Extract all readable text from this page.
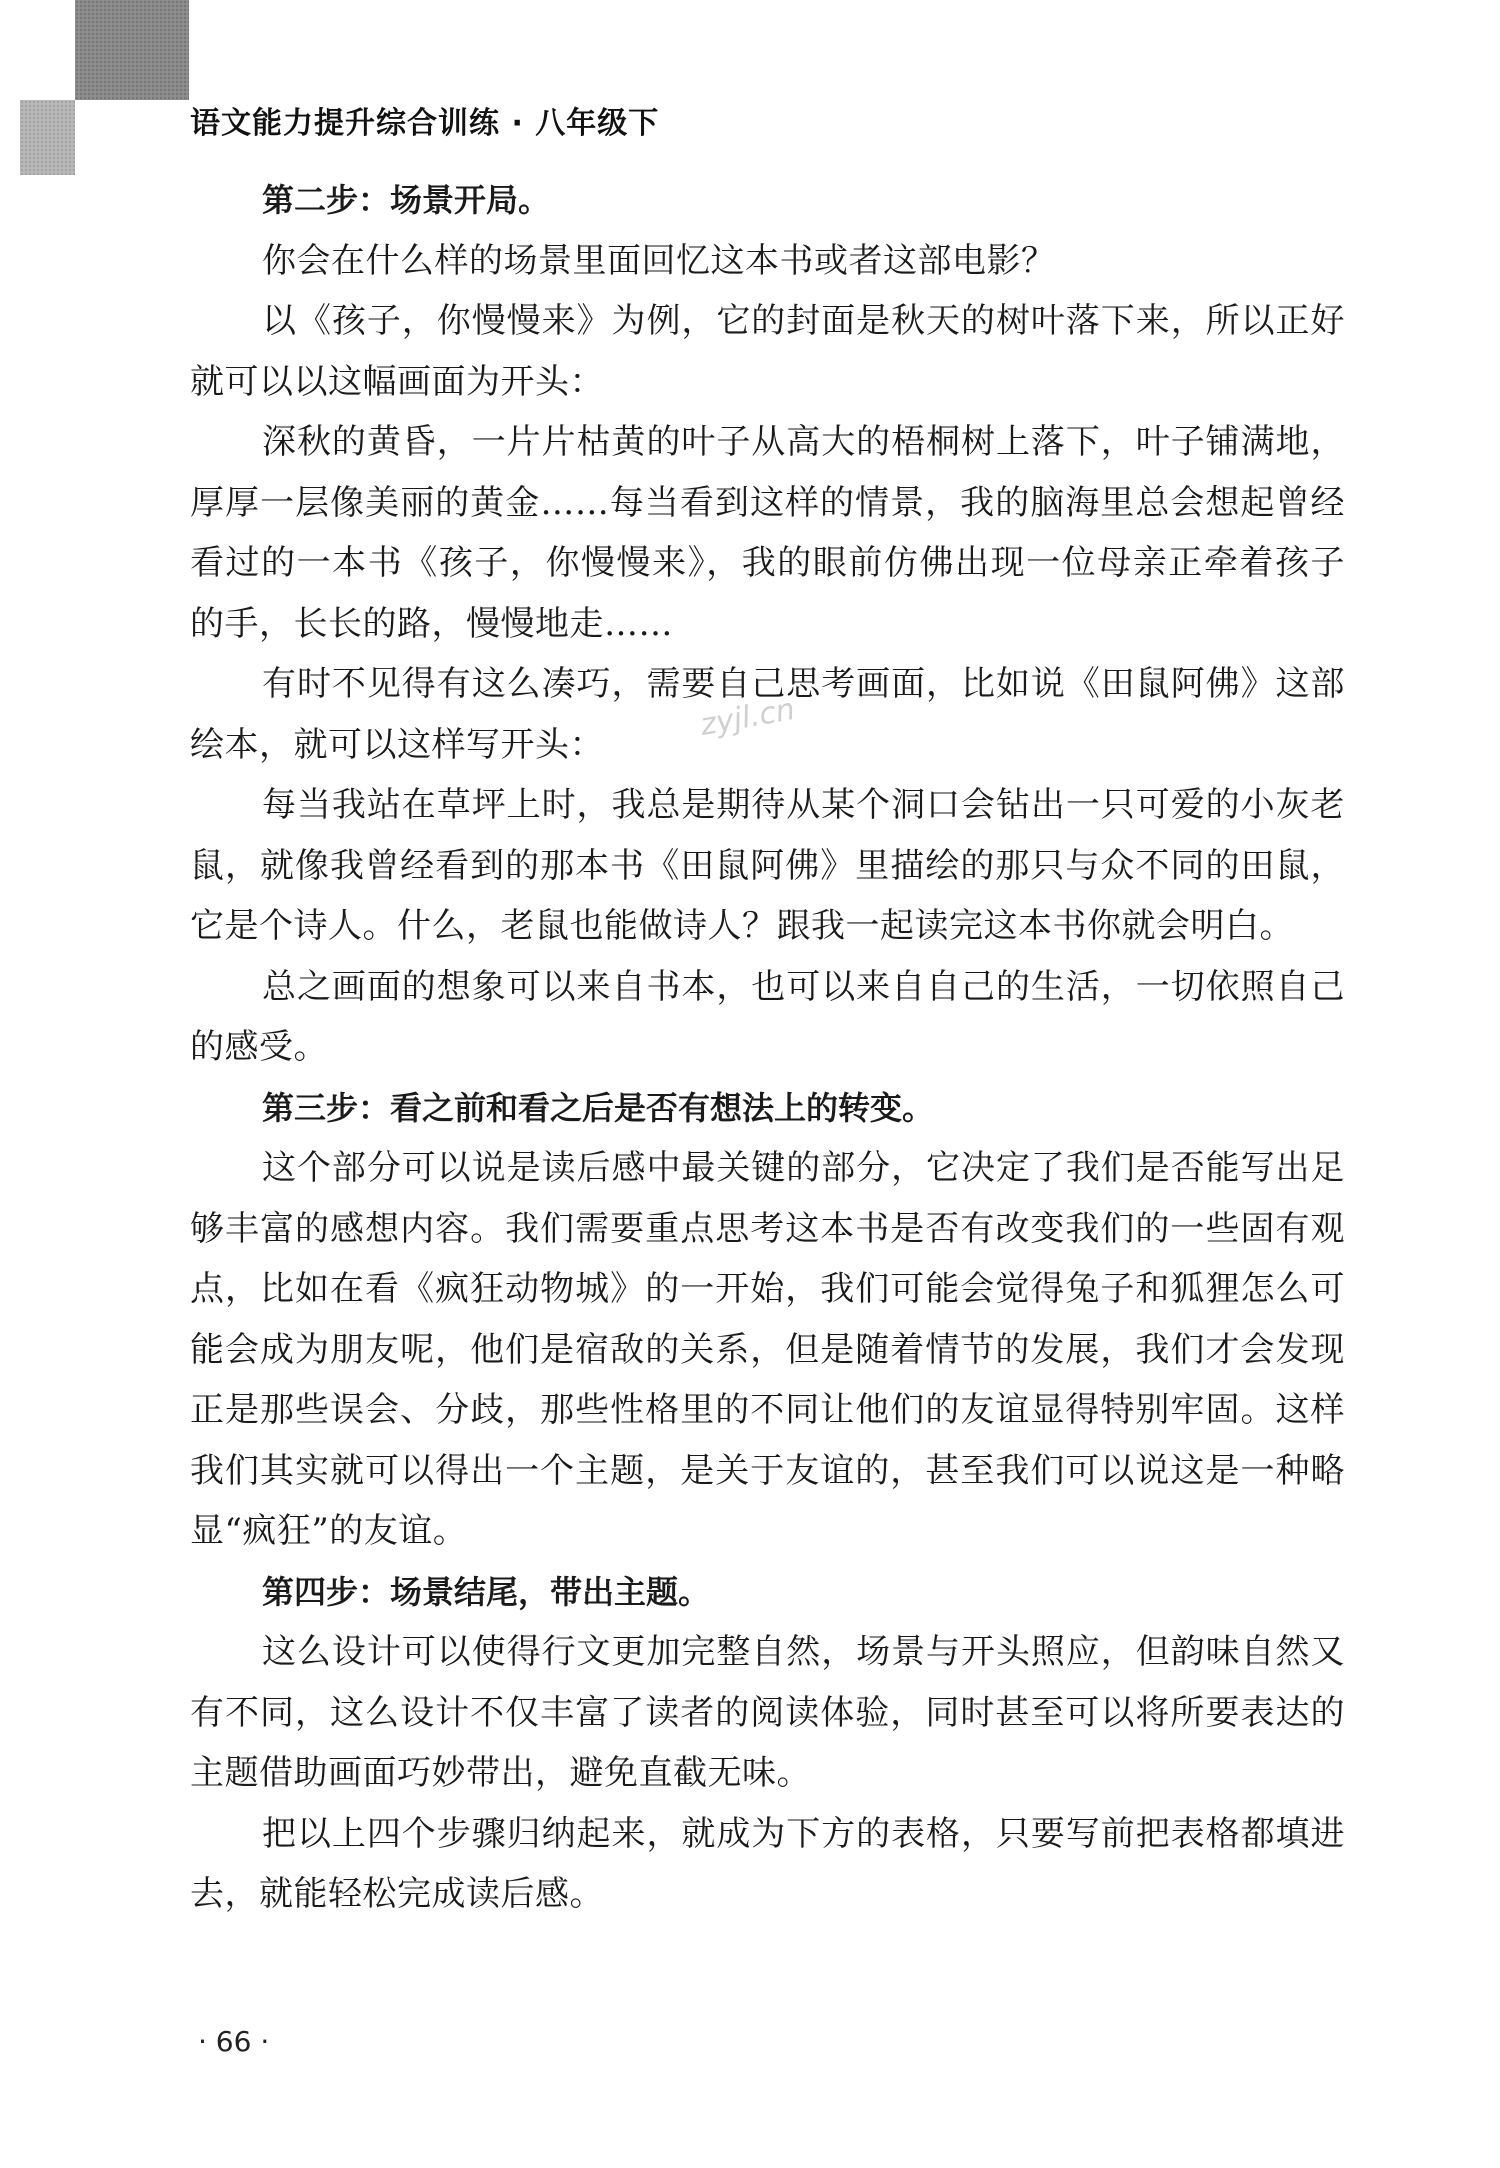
语文能力提升综合训练 · 八年级下
zyjl.cn

第二步：场景开局。

你会在什么样的场景里面回忆这本书或者这部电影？

以《孩子，你慢慢来》为例，它的封面是秋天的树叶落下来，所以正好就可以以这幅画面为开头：

深秋的黄昏，一片片枯黄的叶子从高大的梧桐树上落下，叶子铺满地，厚厚一层像美丽的黄金……每当看到这样的情景，我的脑海里总会想起曾经看过的一本书《孩子，你慢慢来》，我的眼前仿佛出现一位母亲正牵着孩子的手，长长的路，慢慢地走……

有时不见得有这么凑巧，需要自己思考画面，比如说《田鼠阿佛》这部绘本，就可以这样写开头：

每当我站在草坪上时，我总是期待从某个洞口会钻出一只可爱的小灰老鼠，就像我曾经看到的那本书《田鼠阿佛》里描绘的那只与众不同的田鼠，它是个诗人。什么，老鼠也能做诗人？跟我一起读完这本书你就会明白。

总之画面的想象可以来自书本，也可以来自自己的生活，一切依照自己的感受。

第三步：看之前和看之后是否有想法上的转变。

这个部分可以说是读后感中最关键的部分，它决定了我们是否能写出足够丰富的感想内容。我们需要重点思考这本书是否有改变我们的一些固有观点，比如在看《疯狂动物城》的一开始，我们可能会觉得兔子和狐狸怎么可能会成为朋友呢，他们是宿敌的关系，但是随着情节的发展，我们才会发现正是那些误会、分歧，那些性格里的不同让他们的友谊显得特别牢固。这样我们其实就可以得出一个主题，是关于友谊的，甚至我们可以说这是一种略显“疯狂”的友谊。

第四步：场景结尾，带出主题。

这么设计可以使得行文更加完整自然，场景与开头照应，但韵味自然又有不同，这么设计不仅丰富了读者的阅读体验，同时甚至可以将所要表达的主题借助画面巧妙带出，避免直截无味。

把以上四个步骤归纳起来，就成为下方的表格，只要写前把表格都填进去，就能轻松完成读后感。

· 66 ·
